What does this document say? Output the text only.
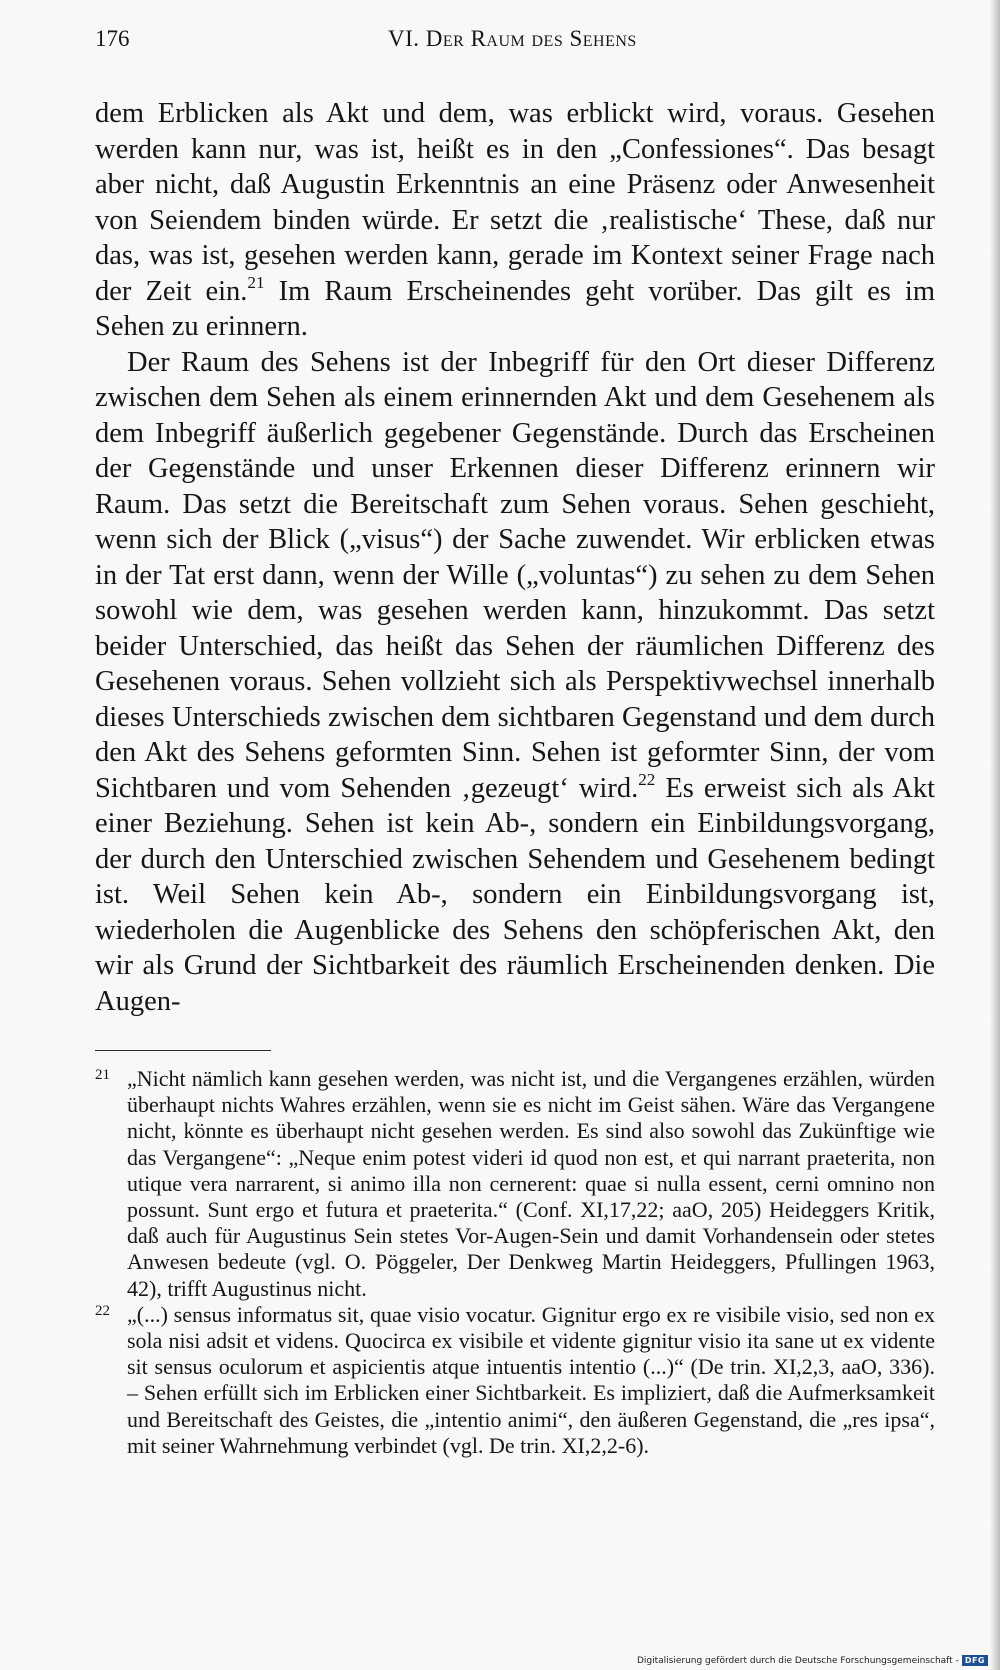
176	VI. Der Raum des Sehens

dem Erblicken als Akt und dem, was erblickt wird, voraus. Gesehen werden kann nur, was ist, heißt es in den „Confessiones“. Das besagt aber nicht, daß Augustin Erkenntnis an eine Präsenz oder Anwesenheit von Seiendem binden würde. Er setzt die ‚realistische‘ These, daß nur das, was ist, gesehen werden kann, gerade im Kontext seiner Frage nach der Zeit ein.$^{21}$ Im Raum Erscheinendes geht vorüber. Das gilt es im Sehen zu erinnern.

Der Raum des Sehens ist der Inbegriff für den Ort dieser Differenz zwischen dem Sehen als einem erinnernden Akt und dem Gesehenem als dem Inbegriff äußerlich gegebener Gegenstände. Durch das Erscheinen der Gegenstände und unser Erkennen dieser Differenz erinnern wir Raum. Das setzt die Bereitschaft zum Sehen voraus. Sehen geschieht, wenn sich der Blick („visus“) der Sache zuwendet. Wir erblicken etwas in der Tat erst dann, wenn der Wille („voluntas“) zu sehen zu dem Sehen sowohl wie dem, was gesehen werden kann, hinzukommt. Das setzt beider Unterschied, das heißt das Sehen der räumlichen Differenz des Gesehenen voraus. Sehen vollzieht sich als Perspektivwechsel innerhalb dieses Unterschieds zwischen dem sichtbaren Gegenstand und dem durch den Akt des Sehens geformten Sinn. Sehen ist geformter Sinn, der vom Sichtbaren und vom Sehenden ‚gezeugt‘ wird.$^{22}$ Es erweist sich als Akt einer Beziehung. Sehen ist kein Ab-, sondern ein Einbildungsvorgang, der durch den Unterschied zwischen Sehendem und Gesehenem bedingt ist. Weil Sehen kein Ab-, sondern ein Einbildungsvorgang ist, wiederholen die Augenblicke des Sehens den schöpferischen Akt, den wir als Grund der Sichtbarkeit des räumlich Erscheinenden denken. Die Augen-

21 „Nicht nämlich kann gesehen werden, was nicht ist, und die Vergangenes erzählen, würden überhaupt nichts Wahres erzählen, wenn sie es nicht im Geist sähen. Wäre das Vergangene nicht, könnte es überhaupt nicht gesehen werden. Es sind also sowohl das Zukünftige wie das Vergangene“: „Neque enim potest videri id quod non est, et qui narrant praeterita, non utique vera narrarent, si animo illa non cernerent: quae si nulla essent, cerni omnino non possunt. Sunt ergo et futura et praeterita.“ (Conf. XI,17,22; aaO, 205) Heideggers Kritik, daß auch für Augustinus Sein stetes Vor-Augen-Sein und damit Vorhandensein oder stetes Anwesen bedeute (vgl. O. Pöggeler, Der Denkweg Martin Heideggers, Pfullingen 1963, 42), trifft Augustinus nicht.
22 „(...) sensus informatus sit, quae visio vocatur. Gignitur ergo ex re visibile visio, sed non ex sola nisi adsit et videns. Quocirca ex visibile et vidente gignitur visio ita sane ut ex vidente sit sensus oculorum et aspicientis atque intuentis intentio (...)“ (De trin. XI,2,3, aaO, 336). – Sehen erfüllt sich im Erblicken einer Sichtbarkeit. Es impliziert, daß die Aufmerksamkeit und Bereitschaft des Geistes, die „intentio animi“, den äußeren Gegenstand, die „res ipsa“, mit seiner Wahrnehmung verbindet (vgl. De trin. XI,2,2-6).
Digitalisierung gefördert durch die Deutsche Forschungsgemeinschaft - DFG
